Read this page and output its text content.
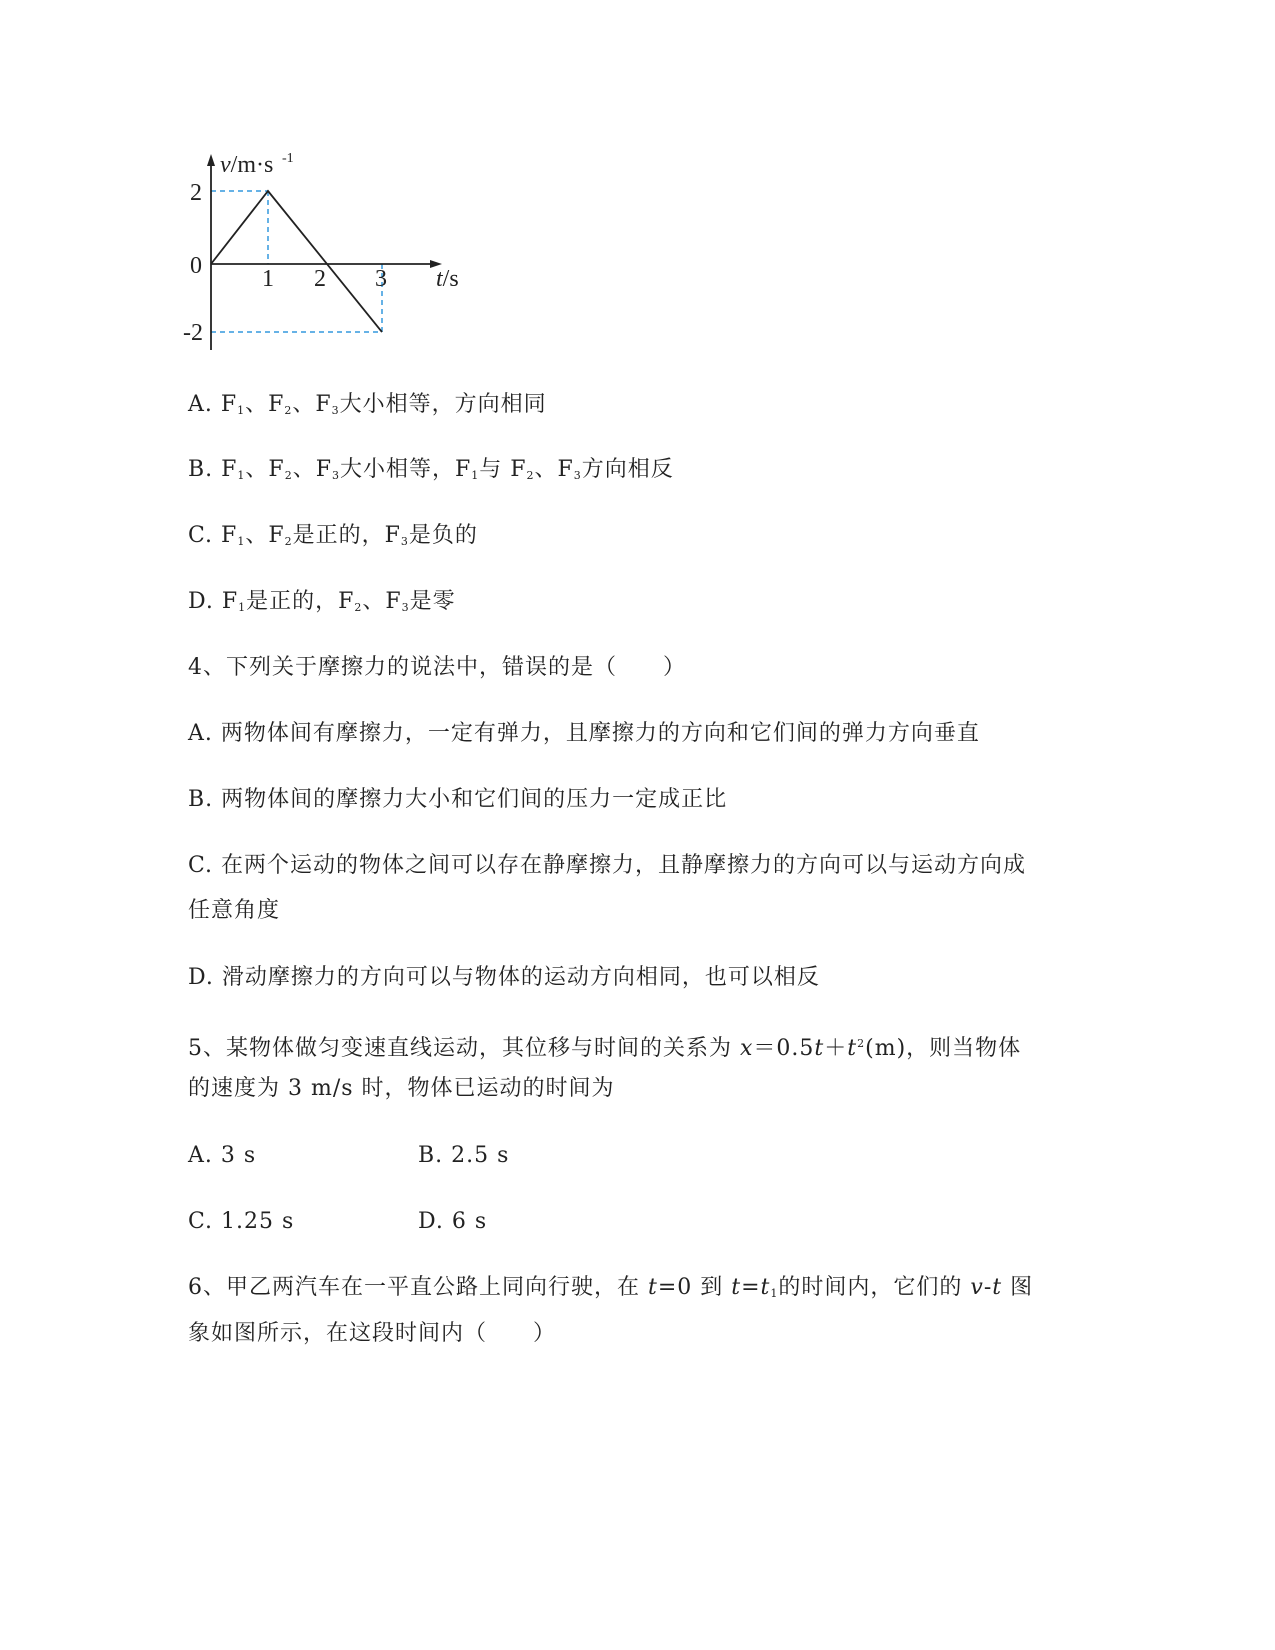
v/m·s -1
2
0
-2
1 2 3 t/s
A. $F_1$、$F_2$、$F_3$大小相等，方向相同
B. $F_1$、$F_2$、$F_3$大小相等，$F_1$与 $F_2$、$F_3$方向相反
C. $F_1$、$F_2$是正的，$F_3$是负的
D. $F_1$是正的，$F_2$、$F_3$是零
4、下列关于摩擦力的说法中，错误的是（　　）
A. 两物体间有摩擦力，一定有弹力，且摩擦力的方向和它们间的弹力方向垂直
B. 两物体间的摩擦力大小和它们间的压力一定成正比
C. 在两个运动的物体之间可以存在静摩擦力，且静摩擦力的方向可以与运动方向成
任意角度
D. 滑动摩擦力的方向可以与物体的运动方向相同，也可以相反
5、某物体做匀变速直线运动，其位移与时间的关系为 $x=0.5t+t^2(m)$，则当物体
的速度为 3 m/s 时，物体已运动的时间为
A. 3 s	B. 2.5 s
C. 1.25 s	D. 6 s
6、甲乙两汽车在一平直公路上同向行驶，在 t=0 到 $t=t_1$的时间内，它们的 v-t 图
象如图所示，在这段时间内（　　）
